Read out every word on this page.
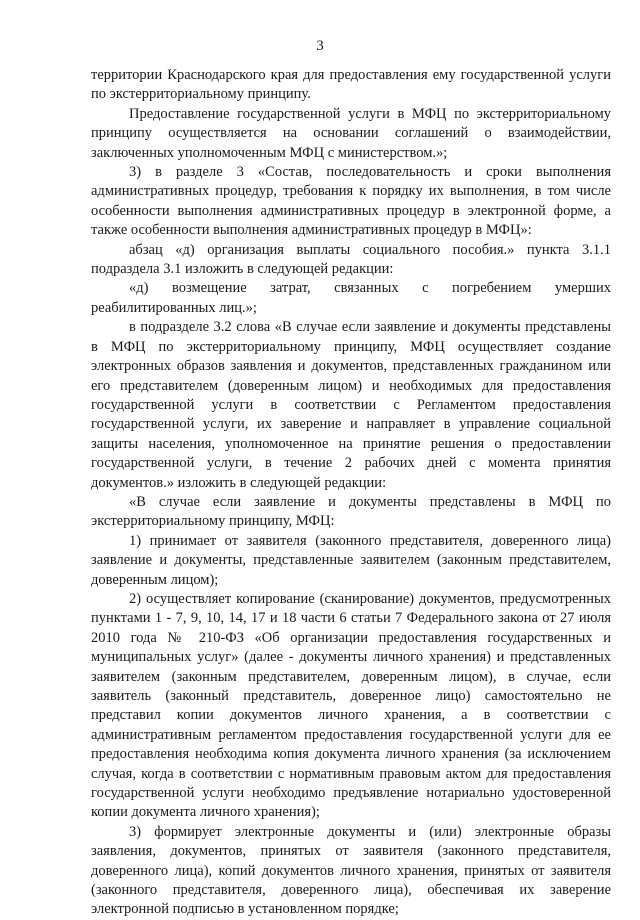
3

территории Краснодарского края для предоставления ему государственной услуги по экстерриториальному принципу.

Предоставление государственной услуги в МФЦ по экстерриториальному принципу осуществляется на основании соглашений о взаимодействии, заключенных уполномоченным МФЦ с министерством.»;

3) в разделе 3 «Состав, последовательность и сроки выполнения административных процедур, требования к порядку их выполнения, в том числе особенности выполнения административных процедур в электронной форме, а также особенности выполнения административных процедур в МФЦ»:

абзац «д) организация выплаты социального пособия.» пункта 3.1.1 подраздела 3.1 изложить в следующей редакции:

«д) возмещение затрат, связанных с погребением умерших реабилитированных лиц.»;

в подразделе 3.2 слова «В случае если заявление и документы представлены в МФЦ по экстерриториальному принципу, МФЦ осуществляет создание электронных образов заявления и документов, представленных гражданином или его представителем (доверенным лицом) и необходимых для предоставления государственной услуги в соответствии с Регламентом предоставления государственной услуги, их заверение и направляет в управление социальной защиты населения, уполномоченное на принятие решения о предоставлении государственной услуги, в течение 2 рабочих дней с момента принятия документов.» изложить в следующей редакции:

«В случае если заявление и документы представлены в МФЦ по экстерриториальному принципу, МФЦ:

1) принимает от заявителя (законного представителя, доверенного лица) заявление и документы, представленные заявителем (законным представителем, доверенным лицом);

2) осуществляет копирование (сканирование) документов, предусмотренных пунктами 1 - 7, 9, 10, 14, 17 и 18 части 6 статьи 7 Федерального закона от 27 июля 2010 года № 210-ФЗ «Об организации предоставления государственных и муниципальных услуг» (далее - документы личного хранения) и представленных заявителем (законным представителем, доверенным лицом), в случае, если заявитель (законный представитель, доверенное лицо) самостоятельно не представил копии документов личного хранения, а в соответствии с административным регламентом предоставления государственной услуги для ее предоставления необходима копия документа личного хранения (за исключением случая, когда в соответствии с нормативным правовым актом для предоставления государственной услуги необходимо предъявление нотариально удостоверенной копии документа личного хранения);

3) формирует электронные документы и (или) электронные образы заявления, документов, принятых от заявителя (законного представителя, доверенного лица), копий документов личного хранения, принятых от заявителя (законного представителя, доверенного лица), обеспечивая их заверение электронной подписью в установленном порядке;
